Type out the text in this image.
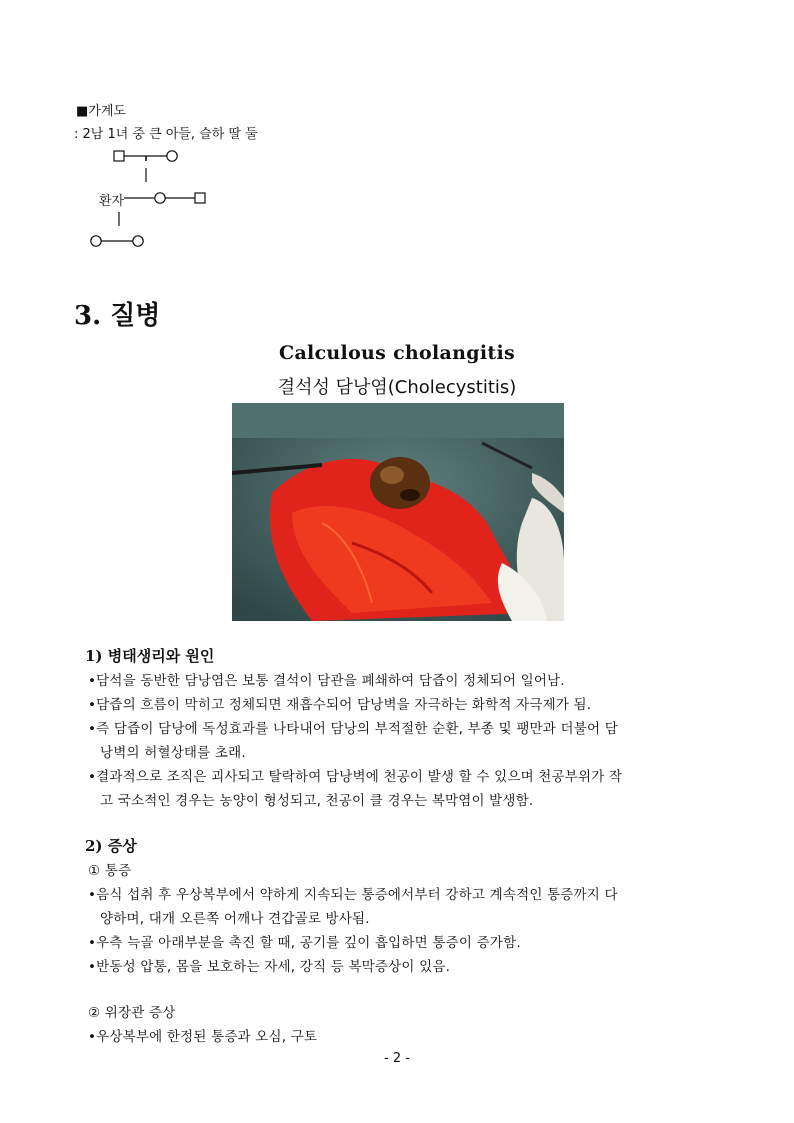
■가계도
: 2남 1녀 중 큰 아들, 슬하 딸 둘
환자
3. 질병
Calculous cholangitis
결석성 담낭염(Cholecystitis)
1) 병태생리와 원인
•담석을 동반한 담낭염은 보통 결석이 담관을 폐쇄하여 담즙이 정체되어 일어남.
•담즙의 흐름이 막히고 정체되면 재흡수되어 담낭벽을 자극하는 화학적 자극제가 됨.
•즉 담즙이 담낭에 독성효과를 나타내어 담낭의 부적절한 순환, 부종 및 팽만과 더불어 담
낭벽의 허혈상태를 초래.
•결과적으로 조직은 괴사되고 탈락하여 담낭벽에 천공이 발생 할 수 있으며 천공부위가 작
고 국소적인 경우는 농양이 형성되고, 천공이 클 경우는 복막염이 발생함.
2) 증상
① 통증
•음식 섭취 후 우상복부에서 약하게 지속되는 통증에서부터 강하고 계속적인 통증까지 다
양하며, 대개 오른쪽 어깨나 견갑골로 방사됨.
•우측 늑골 아래부분을 촉진 할 때, 공기를 깊이 흡입하면 통증이 증가함.
•반동성 압통, 몸을 보호하는 자세, 강직 등 복막증상이 있음.
② 위장관 증상
•우상복부에 한정된 통증과 오심, 구토
- 2 -
